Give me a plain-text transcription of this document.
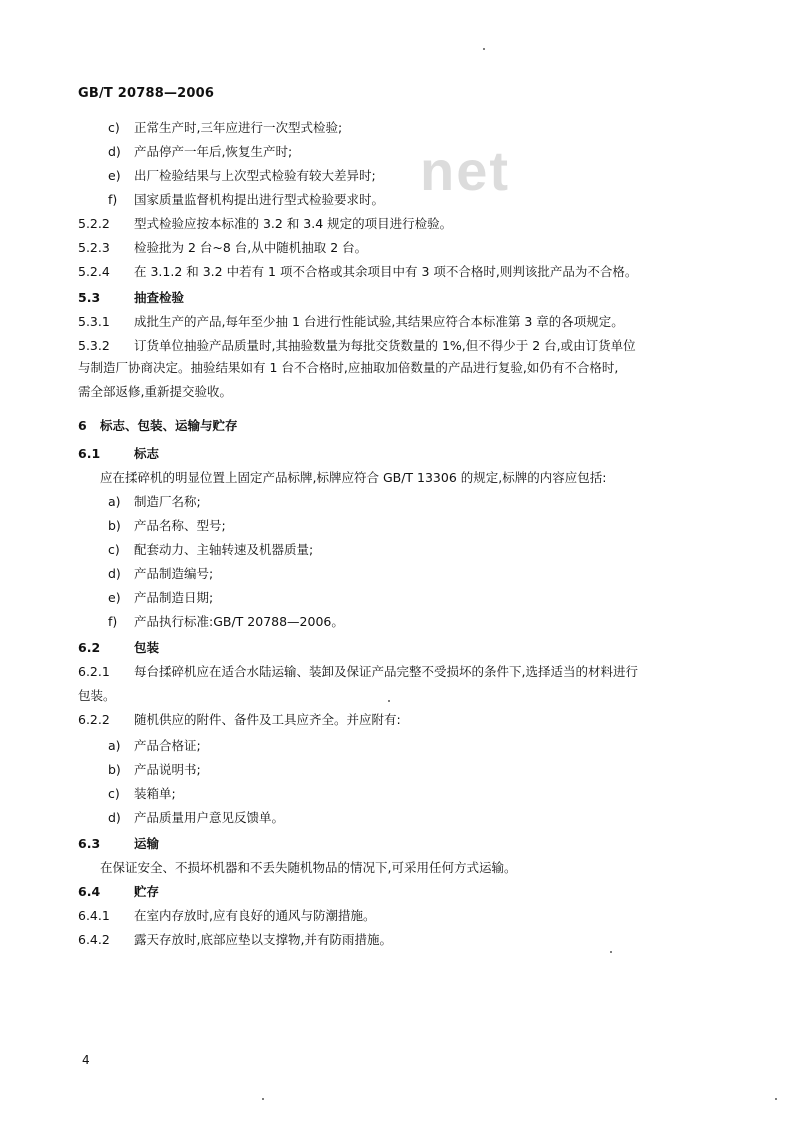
GB/T 20788—2006
net
c) 正常生产时,三年应进行一次型式检验;
d) 产品停产一年后,恢复生产时;
e) 出厂检验结果与上次型式检验有较大差异时;
f) 国家质量监督机构提出进行型式检验要求时。
5.2.2 型式检验应按本标准的 3.2 和 3.4 规定的项目进行检验。
5.2.3 检验批为 2 台~8 台,从中随机抽取 2 台。
5.2.4 在 3.1.2 和 3.2 中若有 1 项不合格或其余项目中有 3 项不合格时,则判该批产品为不合格。
5.3	抽查检验
5.3.1 成批生产的产品,每年至少抽 1 台进行性能试验,其结果应符合本标准第 3 章的各项规定。
5.3.2 订货单位抽验产品质量时,其抽验数量为每批交货数量的 1%,但不得少于 2 台,或由订货单位
与制造厂协商决定。抽验结果如有 1 台不合格时,应抽取加倍数量的产品进行复验,如仍有不合格时,
需全部返修,重新提交验收。
6 标志、包装、运输与贮存
6.1	标志
应在揉碎机的明显位置上固定产品标牌,标牌应符合 GB/T 13306 的规定,标牌的内容应包括:
a) 制造厂名称;
b) 产品名称、型号;
c) 配套动力、主轴转速及机器质量;
d) 产品制造编号;
e) 产品制造日期;
f) 产品执行标准:GB/T 20788—2006。
6.2	包装
6.2.1 每台揉碎机应在适合水陆运输、装卸及保证产品完整不受损坏的条件下,选择适当的材料进行
包装。
6.2.2 随机供应的附件、备件及工具应齐全。并应附有:
a) 产品合格证;
b) 产品说明书;
c) 装箱单;
d) 产品质量用户意见反馈单。
6.3	运输
在保证安全、不损坏机器和不丢失随机物品的情况下,可采用任何方式运输。
6.4	贮存
6.4.1 在室内存放时,应有良好的通风与防潮措施。
6.4.2 露天存放时,底部应垫以支撑物,并有防雨措施。
4
